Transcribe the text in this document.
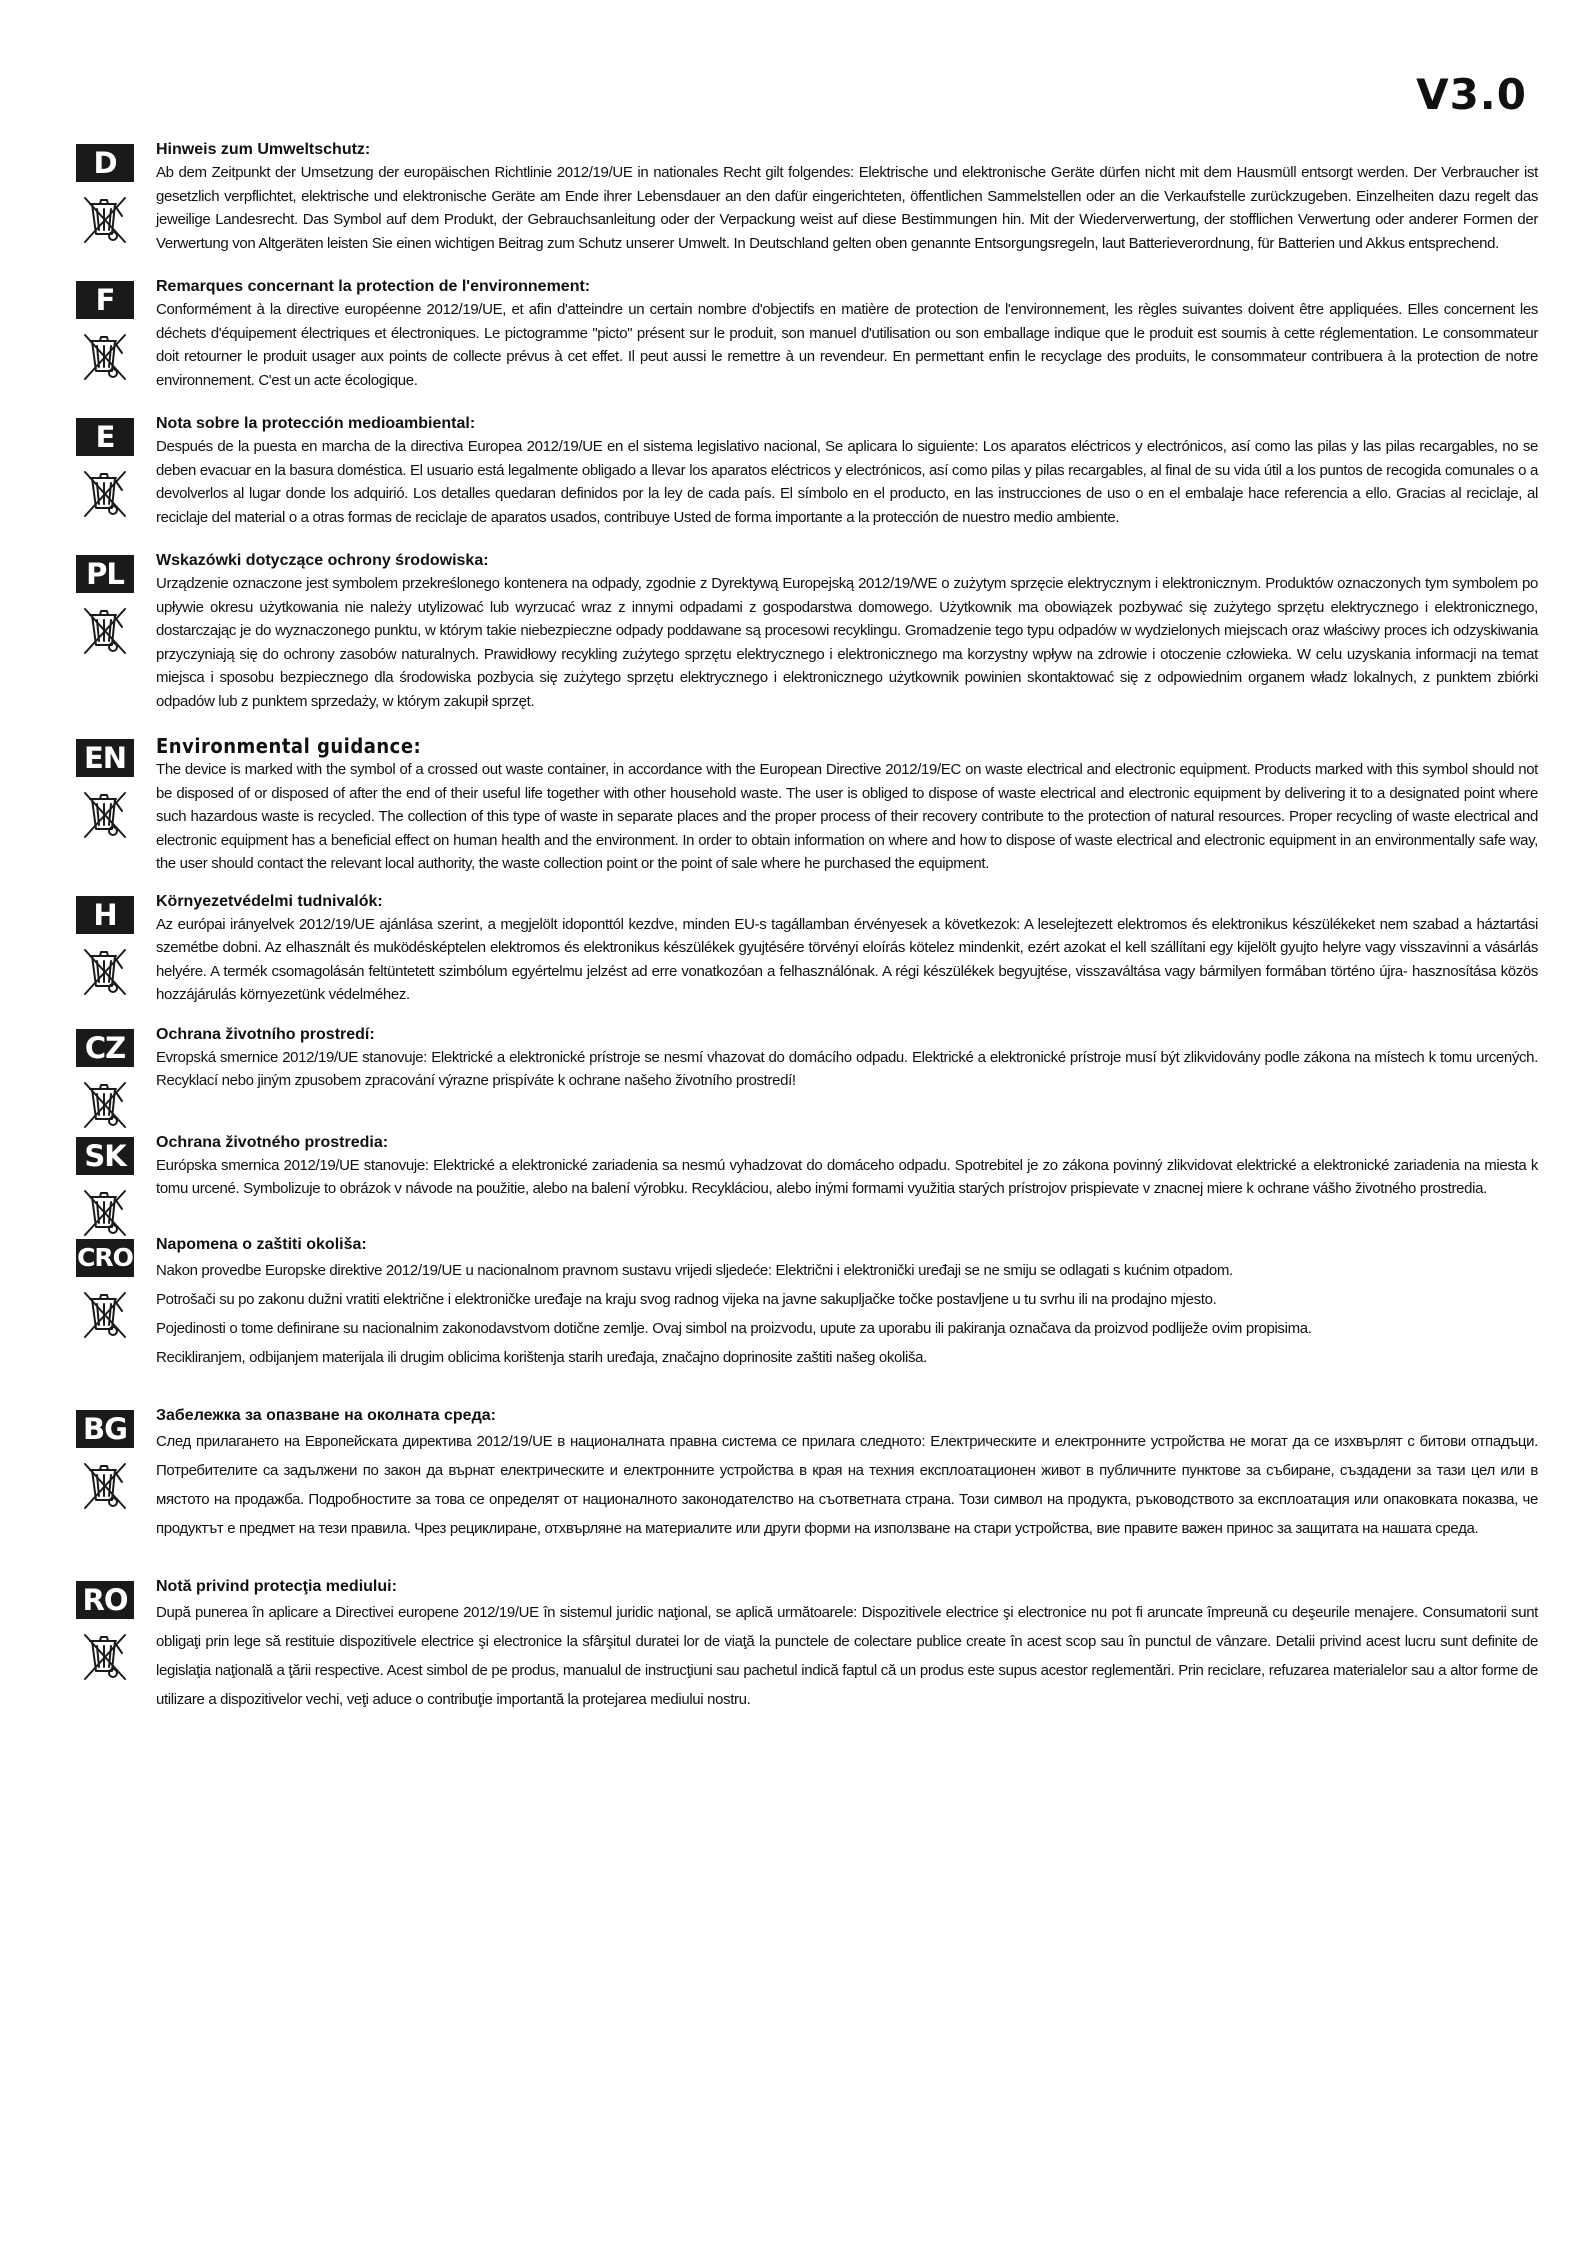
V3.0
D	Hinweis zum Umweltschutz:

Ab dem Zeitpunkt der Umsetzung der europäischen Richtlinie 2012/19/UE in nationales Recht gilt folgendes: Elektrische und elektronische Geräte dürfen nicht mit dem Hausmüll entsorgt werden. Der Verbraucher ist gesetzlich verpflichtet, elektrische und elektronische Geräte am Ende ihrer Lebensdauer an den dafür eingerichteten, öffentlichen Sammelstellen oder an die Verkaufstelle zurückzugeben. Einzelheiten dazu regelt das jeweilige Landesrecht. Das Symbol auf dem Produkt, der Gebrauchsanleitung oder der Verpackung weist auf diese Bestimmungen hin. Mit der Wiederverwertung, der stofflichen Verwertung oder anderer Formen der Verwertung von Altgeräten leisten Sie einen wichtigen Beitrag zum Schutz unserer Umwelt. In Deutschland gelten oben genannte Entsorgungsregeln, laut Batterieverordnung, für Batterien und Akkus entsprechend.

F	Remarques concernant la protection de l'environnement:

Conformément à la directive européenne 2012/19/UE, et afin d'atteindre un certain nombre d'objectifs en matière de protection de l'environnement, les règles suivantes doivent être appliquées. Elles concernent les déchets d'équipement électriques et électroniques. Le pictogramme "picto" présent sur le produit, son manuel d'utilisation ou son emballage indique que le produit est soumis à cette réglementation. Le consommateur doit retourner le produit usager aux points de collecte prévus à cet effet. Il peut aussi le remettre à un revendeur. En permettant enfin le recyclage des produits, le consommateur contribuera à la protection de notre environnement. C'est un acte écologique.

E	Nota sobre la protección medioambiental:

Después de la puesta en marcha de la directiva Europea 2012/19/UE en el sistema legislativo nacional, Se aplicara lo siguiente: Los aparatos eléctricos y electrónicos, así como las pilas y las pilas recargables, no se deben evacuar en la basura doméstica. El usuario está legalmente obligado a llevar los aparatos eléctricos y electrónicos, así como pilas y pilas recargables, al final de su vida útil a los puntos de recogida comunales o a devolverlos al lugar donde los adquirió. Los detalles quedaran definidos por la ley de cada país. El símbolo en el producto, en las instrucciones de uso o en el embalaje hace referencia a ello. Gracias al reciclaje, al reciclaje del material o a otras formas de reciclaje de aparatos usados, contribuye Usted de forma importante a la protección de nuestro medio ambiente.

PL	Wskazówki dotyczące ochrony środowiska:

Urządzenie oznaczone jest symbolem przekreślonego kontenera na odpady, zgodnie z Dyrektywą Europejską 2012/19/WE o zużytym sprzęcie elektrycznym i elektronicznym. Produktów oznaczonych tym symbolem po upływie okresu użytkowania nie należy utylizować lub wyrzucać wraz z innymi odpadami z gospodarstwa domowego. Użytkownik ma obowiązek pozbywać się zużytego sprzętu elektrycznego i elektronicznego, dostarczając je do wyznaczonego punktu, w którym takie niebezpieczne odpady poddawane są procesowi recyklingu. Gromadzenie tego typu odpadów w wydzielonych miejscach oraz właściwy proces ich odzyskiwania przyczyniają się do ochrony zasobów naturalnych. Prawidłowy recykling zużytego sprzętu elektrycznego i elektronicznego ma korzystny wpływ na zdrowie i otoczenie człowieka. W celu uzyskania informacji na temat miejsca i sposobu bezpiecznego dla środowiska pozbycia się zużytego sprzętu elektrycznego i elektronicznego użytkownik powinien skontaktować się z odpowiednim organem władz lokalnych, z punktem zbiórki odpadów lub z punktem sprzedaży, w którym zakupił sprzęt.

EN	Environmental guidance:

The device is marked with the symbol of a crossed out waste container, in accordance with the European Directive 2012/19/EC on waste electrical and electronic equipment. Products marked with this symbol should not be disposed of or disposed of after the end of their useful life together with other household waste. The user is obliged to dispose of waste electrical and electronic equipment by delivering it to a designated point where such hazardous waste is recycled. The collection of this type of waste in separate places and the proper process of their recovery contribute to the protection of natural resources. Proper recycling of waste electrical and electronic equipment has a beneficial effect on human health and the environment. In order to obtain information on where and how to dispose of waste electrical and electronic equipment in an environmentally safe way, the user should contact the relevant local authority, the waste collection point or the point of sale where he purchased the equipment.

H	Környezetvédelmi tudnivalók:

Az európai irányelvek 2012/19/UE ajánlása szerint, a megjelölt idoponttól kezdve, minden EU-s tagállamban érvényesek a következok: A leselejtezett elektromos és elektronikus készülékeket nem szabad a háztartási szemétbe dobni. Az elhasznált és muködésképtelen elektromos és elektronikus készülékek gyujtésére törvényi eloírás kötelez mindenkit, ezért azokat el kell szállítani egy kijelölt gyujto helyre vagy visszavinni a vásárlás helyére. A termék csomagolásán feltüntetett szimbólum egyértelmu jelzést ad erre vonatkozóan a felhasználónak. A régi készülékek begyujtése, visszaváltása vagy bármilyen formában történo újra- hasznosítása közös hozzájárulás környezetünk védelméhez.

CZ	Ochrana životního prostredí:

Evropská smernice 2012/19/UE stanovuje: Elektrické a elektronické prístroje se nesmí vhazovat do domácího odpadu. Elektrické a elektronické prístroje musí být zlikvidovány podle zákona na místech k tomu urcených. Recyklací nebo jiným zpusobem zpracování výrazne prispíváte k ochrane našeho životního prostredí!

SK	Ochrana životného prostredia:

Európska smernica 2012/19/UE stanovuje: Elektrické a elektronické zariadenia sa nesmú vyhadzovat do domáceho odpadu. Spotrebitel je zo zákona povinný zlikvidovat elektrické a elektronické zariadenia na miesta k tomu urcené. Symbolizuje to obrázok v návode na použitie, alebo na balení výrobku. Recykláciou, alebo inými formami využitia starých prístrojov prispievate v znacnej miere k ochrane vášho životného prostredia.

CRO Napomena o zaštiti okoliša:

Nakon provedbe Europske direktive 2012/19/UE u nacionalnom pravnom sustavu vrijedi sljedeće: Električni i elektronički uređaji se ne smiju se odlagati s kućnim otpadom.

Potrošači su po zakonu dužni vratiti električne i elektroničke uređaje na kraju svog radnog vijeka na javne sakupljačke točke postavljene u tu svrhu ili na prodajno mjesto.

Pojedinosti o tome definirane su nacionalnim zakonodavstvom dotične zemlje. Ovaj simbol na proizvodu, upute za uporabu ili pakiranja označava da proizvod podliježe ovim propisima.

Recikliranjem, odbijanjem materijala ili drugim oblicima korištenja starih uređaja, značajno doprinosite zaštiti našeg okoliša.

BG	Забележка за опазване на околната среда:

След прилагането на Европейската директива 2012/19/UE в националната правна система се прилага следното: Електрическите и електронните устройства не могат да се изхвърлят с битови отпадъци. Потребителите са задължени по закон да върнат електрическите и електронните устройства в края на техния експлоатационен живот в публичните пунктове за събиране, създадени за тази цел или в мястото на продажба. Подробностите за това се определят от националното законодателство на съответната страна. Този символ на продукта, ръководството за експлоатация или опаковката показва, че продуктът е предмет на тези правила. Чрез рециклиране, отхвърляне на материалите или други форми на използване на стари устройства, вие правите важен принос за защитата на нашата среда.

RO	Notă privind protecţia mediului:

După punerea în aplicare a Directivei europene 2012/19/UE în sistemul juridic naţional, se aplică următoarele: Dispozitivele electrice şi electronice nu pot fi aruncate împreună cu deşeurile menajere. Consumatorii sunt obligaţi prin lege să restituie dispozitivele electrice şi electronice la sfârşitul duratei lor de viaţă la punctele de colectare publice create în acest scop sau în punctul de vânzare. Detalii privind acest lucru sunt definite de legislaţia naţională a ţării respective. Acest simbol de pe produs, manualul de instrucţiuni sau pachetul indică faptul că un produs este supus acestor reglementări. Prin reciclare, refuzarea materialelor sau a altor forme de utilizare a dispozitivelor vechi, veţi aduce o contribuţie importantă la protejarea mediului nostru.
